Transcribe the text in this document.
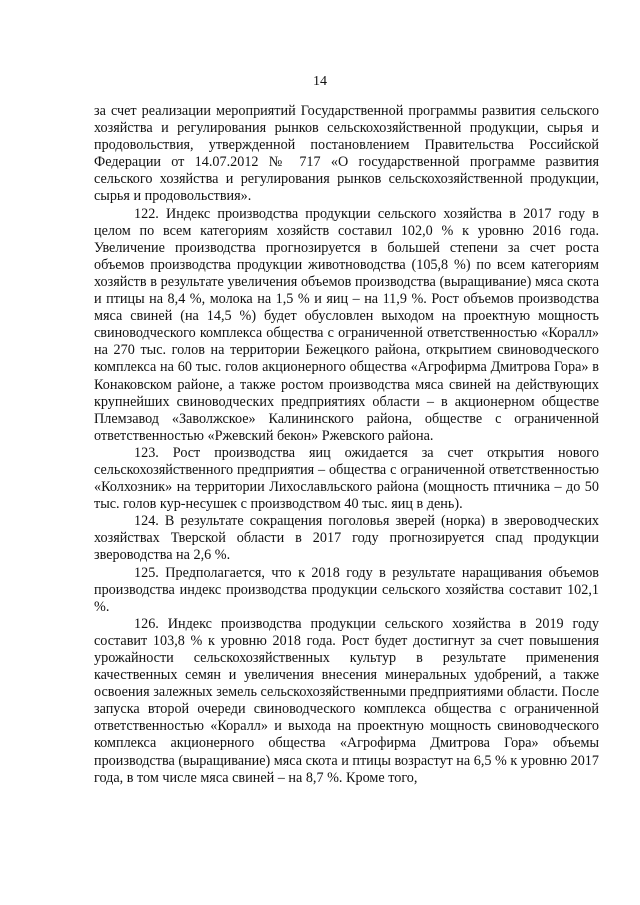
14

за счет реализации мероприятий Государственной программы развития сельского хозяйства и регулирования рынков сельскохозяйственной продукции, сырья и продовольствия, утвержденной постановлением Правительства Российской Федерации от 14.07.2012 № 717 «О государственной программе развития сельского хозяйства и регулирования рынков сельскохозяйственной продукции, сырья и продовольствия».

122. Индекс производства продукции сельского хозяйства в 2017 году в целом по всем категориям хозяйств составил 102,0 % к уровню 2016 года. Увеличение производства прогнозируется в большей степени за счет роста объемов производства продукции животноводства (105,8 %) по всем категориям хозяйств в результате увеличения объемов производства (выращивание) мяса скота и птицы на 8,4 %, молока на 1,5 % и яиц – на 11,9 %. Рост объемов производства мяса свиней (на 14,5 %) будет обусловлен выходом на проектную мощность свиноводческого комплекса общества с ограниченной ответственностью «Коралл» на 270 тыс. голов на территории Бежецкого района, открытием свиноводческого комплекса на 60 тыс. голов акционерного общества «Агрофирма Дмитрова Гора» в Конаковском районе, а также ростом производства мяса свиней на действующих крупнейших свиноводческих предприятиях области – в акционерном обществе Племзавод «Заволжское» Калининского района, обществе с ограниченной ответственностью «Ржевский бекон» Ржевского района.

123. Рост производства яиц ожидается за счет открытия нового сельскохозяйственного предприятия – общества с ограниченной ответственностью «Колхозник» на территории Лихославльского района (мощность птичника – до 50 тыс. голов кур-несушек с производством 40 тыс. яиц в день).

124. В результате сокращения поголовья зверей (норка) в звероводческих хозяйствах Тверской области в 2017 году прогнозируется спад продукции звероводства на 2,6 %.

125. Предполагается, что к 2018 году в результате наращивания объемов производства индекс производства продукции сельского хозяйства составит 102,1 %.

126. Индекс производства продукции сельского хозяйства в 2019 году составит 103,8 % к уровню 2018 года. Рост будет достигнут за счет повышения урожайности сельскохозяйственных культур в результате применения качественных семян и увеличения внесения минеральных удобрений, а также освоения залежных земель сельскохозяйственными предприятиями области. После запуска второй очереди свиноводческого комплекса общества с ограниченной ответственностью «Коралл» и выхода на проектную мощность свиноводческого комплекса акционерного общества «Агрофирма Дмитрова Гора» объемы производства (выращивание) мяса скота и птицы возрастут на 6,5 % к уровню 2017 года, в том числе мяса свиней – на 8,7 %. Кроме того,
